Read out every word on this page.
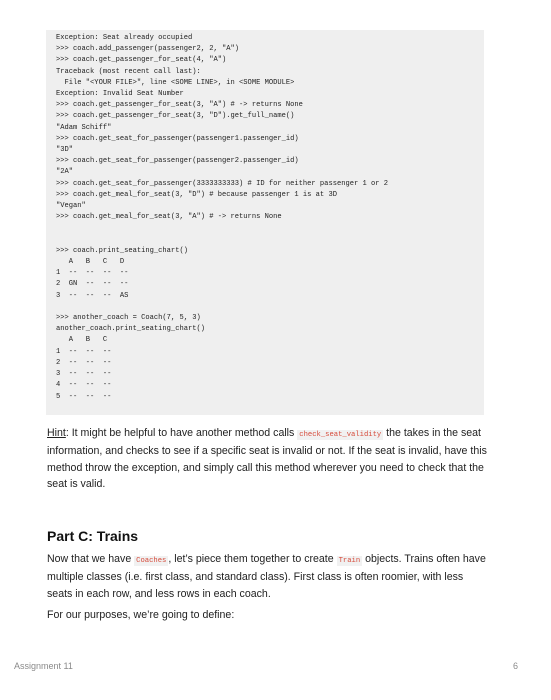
Exception: Seat already occupied
>>> coach.add_passenger(passenger2, 2, "A")
>>> coach.get_passenger_for_seat(4, "A")
Traceback (most recent call last):
File "<YOUR FILE>", line <SOME LINE>, in <SOME MODULE>
Exception: Invalid Seat Number
>>> coach.get_passenger_for_seat(3, "A") # -> returns None
>>> coach.get_passenger_for_seat(3, "D").get_full_name()
"Adam Schiff"
>>> coach.get_seat_for_passenger(passenger1.passenger_id)
"3D"
>>> coach.get_seat_for_passenger(passenger2.passenger_id)
"2A"
>>> coach.get_seat_for_passenger(3333333333) # ID for neither passenger 1 or 2
>>> coach.get_meal_for_seat(3, "D") # because passenger 1 is at 3D
"Vegan"
>>> coach.get_meal_for_seat(3, "A") # -> returns None

>>> coach.print_seating_chart()
A   B   C   D
1  --  --  --  --
2  GN  --  --  --
3  --  --  --  AS

>>> another_coach = Coach(7, 5, 3)
another_coach.print_seating_chart()
A   B   C
1  --  --  --
2  --  --  --
3  --  --  --
4  --  --  --
5  --  --  --

Hint: It might be helpful to have another method calls check_seat_validity the takes in the seat information, and checks to see if a specific seat is invalid or not. If the seat is invalid, have this method throw the exception, and simply call this method wherever you need to check that the seat is valid.

Part C: Trains

Now that we have Coaches , let’s piece them together to create Train objects. Trains often have multiple classes (i.e. first class, and standard class). First class is often roomier, with less seats in each row, and less rows in each coach.

For our purposes, we’re going to define:

Assignment 11	6
